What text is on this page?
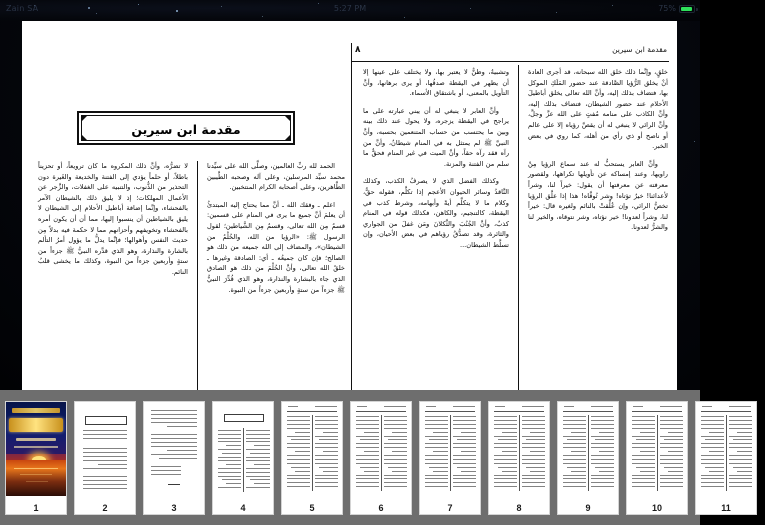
Zain SA	5:27 PM	75%
مقدمة ابن سيرين
٨
مقدمة ابن سيرين

الحمد لله ربِّ العالمين، وصلَّى الله على سيِّدنا محمد سيِّد المرسلين، وعلى آله وصحبه الطَّيبين الطَّاهرين، وعلى أصحابه الكرام المنتخبين.

اعلم ـ وفقك الله ـ أنَّ مما يحتاج إليه المبتدئُ أن يعلمَ أنَّ جميع ما يرى في المنام على قسمين: قسمٌ مِن الله تعالى، وقسمٌ مِن الشَّياطين؛ لقول الرسول ﷺ: «الرؤيا من الله، والحُلْمُ من الشيطان»، والمضاف إلى الله جميعه من ذلك هو الصالح؛ فإن كان جميعُه ـ أي: الصادقة وغيرها ـ خلقُ الله تعالى، وأنَّ الحُلْمَ من ذلك هو الصادق الذي جاء بالبشارة والنذارة، وهو الذي قُدِّرَ النبيُّ ﷺ جزءاً من ستةٍ وأربعين جزءاً من النبوة.

لا تضرُّه، وأنَّ ذلك المكروه ما كان ترويعاً، أو تحزيناً باطلاً، أو حلماً يؤدي إلى الفتنة والخديعة والغَيرة دون التحذير من الذُّنوب، والتنبيه على الغفلات، والزَّجر عن الأعمال المهلكات؛ إذ لا يليق ذلك بالشيطان الآمر بالفحشاء، وإنَّما إضافة أباطيل الأحلام إلى الشيطان لا يليق بالشياطين أن ينسبوا إليها، مما أن أن يكون أمره بالفحشاء وتخويفهم وأحزانهم مما لا حكمة فيه بدلاً مِن حديث النفس وأهوالها؛ فإنَّما يدلُّ ما يؤول أمرُ التألم بالشارة والنذارة، وهو الذي قدَّره النبيُّ ﷺ جزءاً من ستةٍ وأربعين جزءاً من النبوة، وكذلك ما يخشى قلبُ النائم.

خلقٍ، وإنَّما ذلك خلق الله سبحانه، قد أجرى العادة أنْ يخلق الرُّؤيا الصَّادقة عند حضور المَلَكِ الموكل بها، فتضاف بذلك إليه، وأنَّ الله تعالى يخلق أباطيلَ الأحلام عند حضور الشيطان، فتضاف بذلك إليه، وأنَّ الكاذب على منامه مُفتٍ على الله عزَّ وجلَّ، وأنَّ الرائي لا ينبغي له أن يقصَّ رؤياه إلا على عالم أو ناصح أو ذي رأي من أهله، كما روي في بعض الخبر.

وأنَّ العابر يستحبُّ له عند سماع الرؤيا مِنْ راويها، وعند إمساكه عن تأويلها تكراهها، ولقصور معرفته عن معرفتها أن يقول: خيراً لنا، وشراً لأعدائنا! خيرٌ تؤتاه! وشر تُوقَّاه! هذا إذا علَّق الرؤيا تخصُّ الرائي، وإن عُلِّقتْ بالنائم ولغيره قال: خيراً لنا، وشراً لعدونا! خير نؤتاه، وشر نتوقاه، والخير لنا والشرُّ لعدونا.

وتشبيهٌ، وظنٌّ لا يعتبر بها، ولا يختلف على عينها إلا أن يظهر في اليقظة صدقُها، أو يرى برهانها، وأنَّ التأويل بالمعنى، أو باشتقاق الأسماء.

وأنَّ العابر لا ينبغي له أن يبني عبارته على ما يراجح في اليقظة يزجره، ولا يحول عند ذلك بينه وبين ما يحتسب من حساب المتنعمين بحسبه، وأنَّ النبيَّ ﷺ لم يمتثل به في المنام شيطانٌ، وأنَّ من رآه فقد رآه حقاً، وأنَّ الميت في غير المنام فحقٌّ ما سلم من الفتنة والمزنة.

وكذلك الفضل الذي لا يصرفُ الكذب، وكذلك النَّاقدُ وسائر الحيوان الأعجم إذا تكلَّم، فقوله حقٌّ، وكلام ما لا يتكلَّم أيةً وأبهامه، وشرط كذب في اليقظة، كالتنجيم، والكاهن، فكذلك قوله في المنام كذبٌ، وأنَّ الجُنُبَ والثَّكلانَ ومَن غفلَ من الجواري والثائرة، وقد تصدُّقُ رؤياهم في بعض الأحيان، وإن تسلَّط الشيطان...

1	2	3	4	5	6	7	8	9	10	11
